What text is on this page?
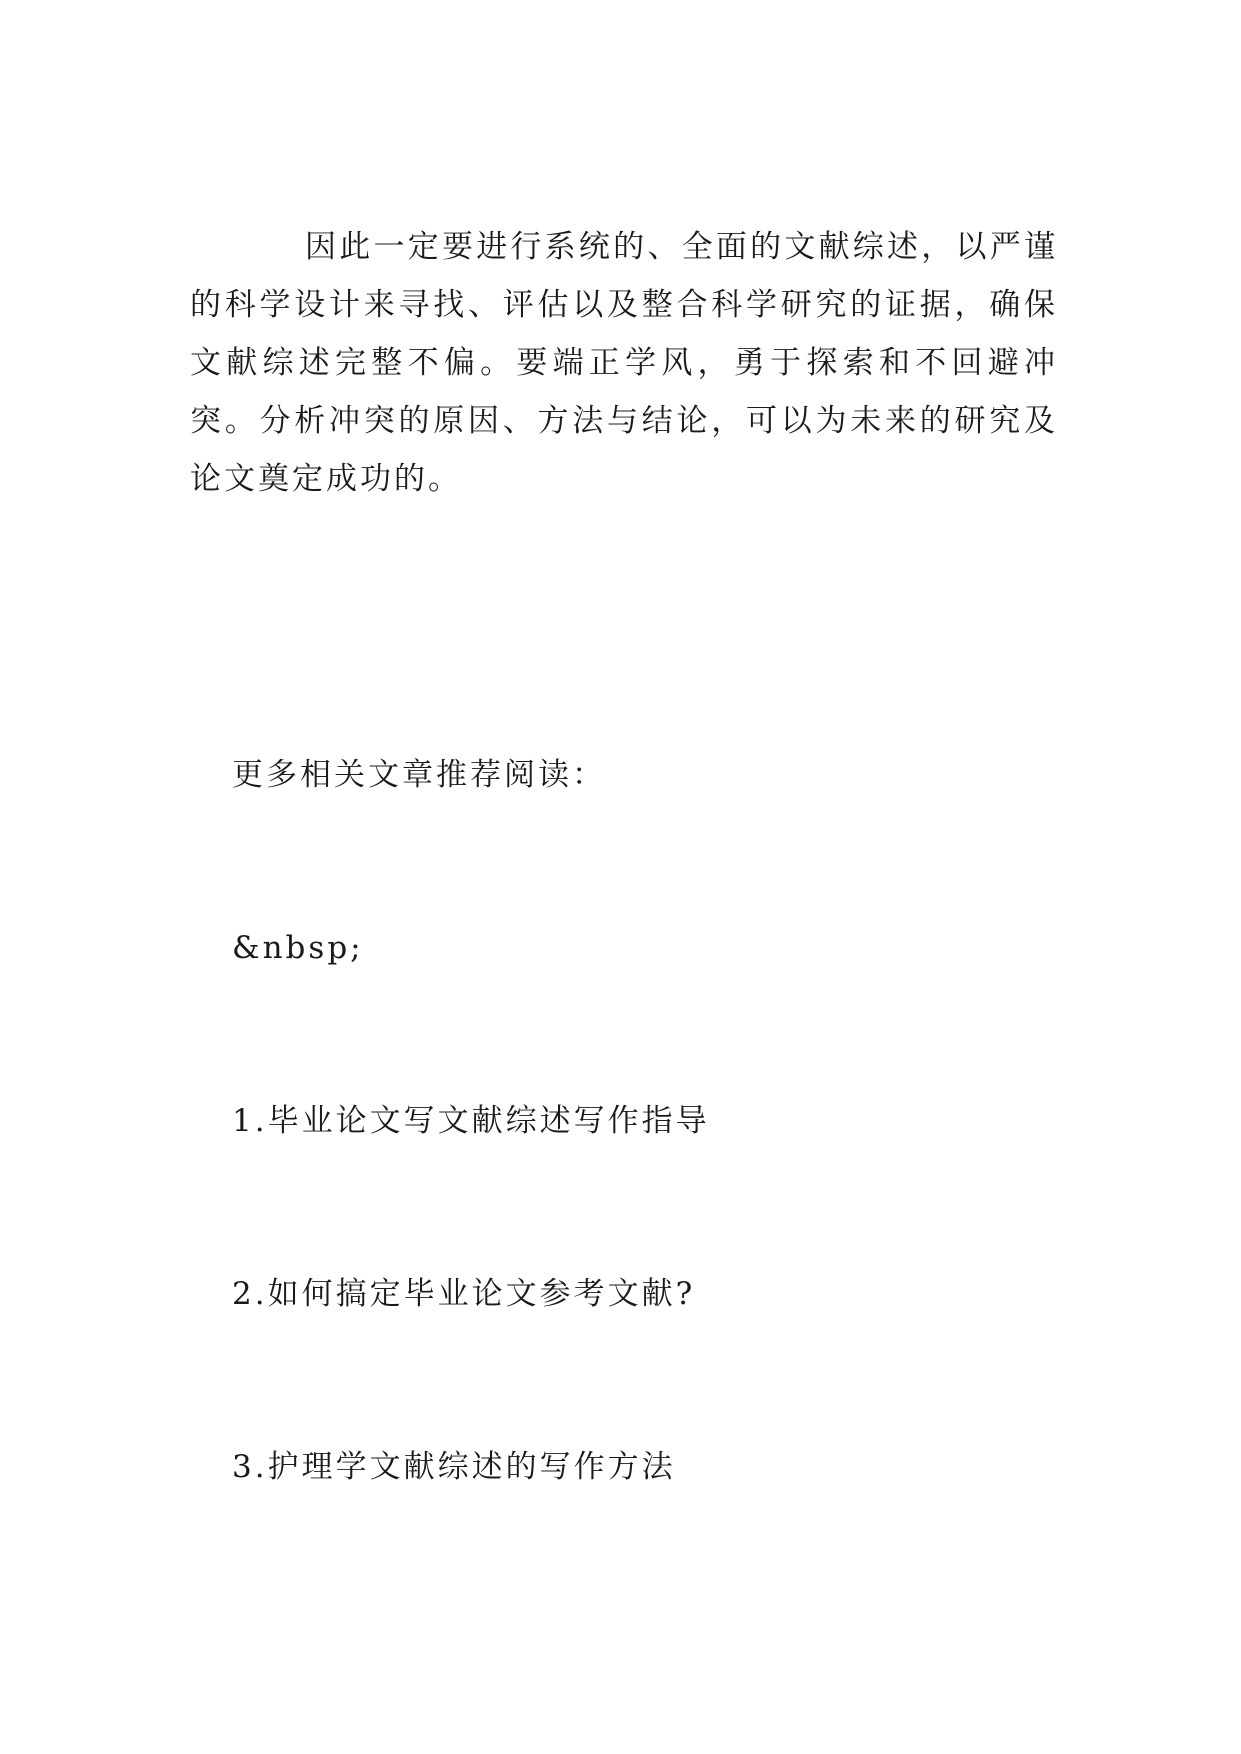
因此一定要进行系统的、全面的文献综述，以严谨的科学设计来寻找、评估以及整合科学研究的证据，确保文献综述完整不偏。要端正学风，勇于探索和不回避冲突。分析冲突的原因、方法与结论，可以为未来的研究及论文奠定成功的。

更多相关文章推荐阅读：

&nbsp;

1.毕业论文写文献综述写作指导

2.如何搞定毕业论文参考文献?

3.护理学文献综述的写作方法
